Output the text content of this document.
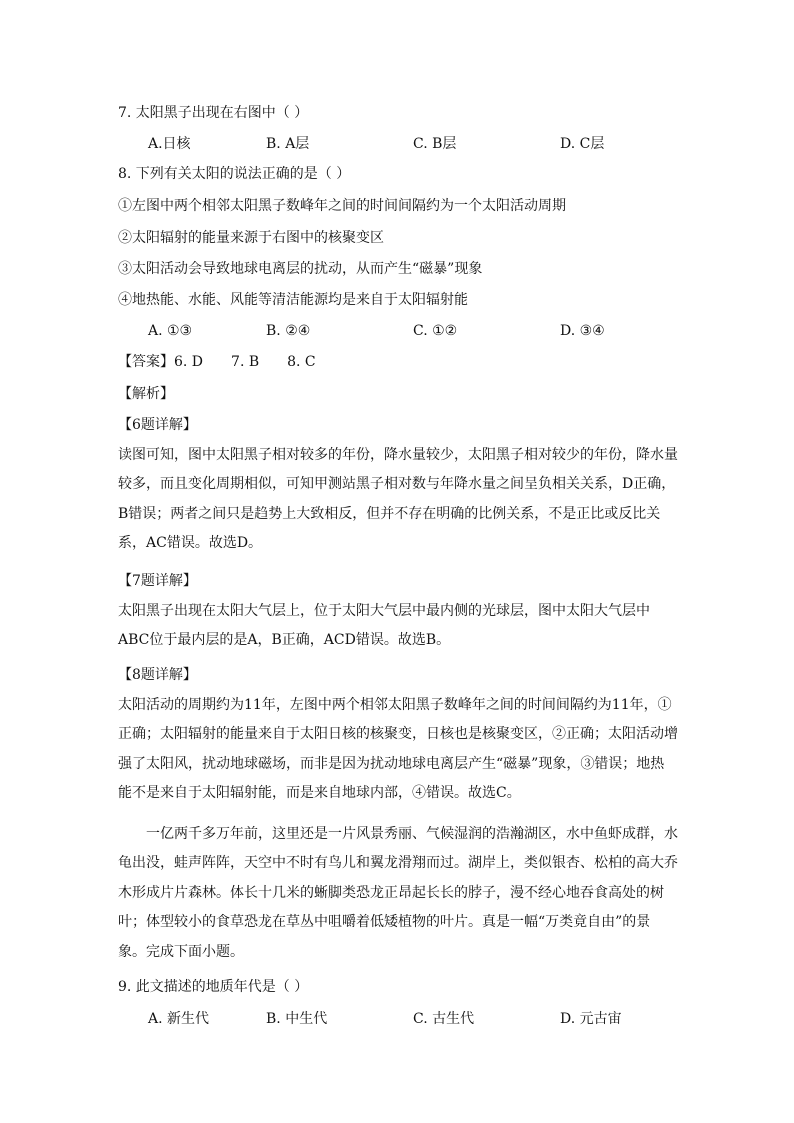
7. 太阳黑子出现在右图中（ ）
A.日核	B. A层	C. B层	D. C层
8. 下列有关太阳的说法正确的是（ ）
①左图中两个相邻太阳黑子数峰年之间的时间间隔约为一个太阳活动周期
②太阳辐射的能量来源于右图中的核聚变区
③太阳活动会导致地球电离层的扰动，从而产生“磁暴”现象
④地热能、水能、风能等清洁能源均是来自于太阳辐射能
A. ①③	B. ②④	C. ①②	D. ③④
【答案】6. D　　7. B　　8. C
【解析】
【6题详解】

读图可知，图中太阳黑子相对较多的年份，降水量较少，太阳黑子相对较少的年份，降水量较多，而且变化周期相似，可知甲测站黑子相对数与年降水量之间呈负相关关系，D正确，B错误；两者之间只是趋势上大致相反，但并不存在明确的比例关系，不是正比或反比关系，AC错误。故选D。

【7题详解】

太阳黑子出现在太阳大气层上，位于太阳大气层中最内侧的光球层，图中太阳大气层中ABC位于最内层的是A，B正确，ACD错误。故选B。

【8题详解】

太阳活动的周期约为11年，左图中两个相邻太阳黑子数峰年之间的时间间隔约为11年，①正确；太阳辐射的能量来自于太阳日核的核聚变，日核也是核聚变区，②正确；太阳活动增强了太阳风，扰动地球磁场，而非是因为扰动地球电离层产生“磁暴”现象，③错误；地热能不是来自于太阳辐射能，而是来自地球内部，④错误。故选C。

一亿两千多万年前，这里还是一片风景秀丽、气候湿润的浩瀚湖区，水中鱼虾成群，水龟出没，蛙声阵阵，天空中不时有鸟儿和翼龙滑翔而过。湖岸上，类似银杏、松柏的高大乔木形成片片森林。体长十几米的蜥脚类恐龙正昂起长长的脖子，漫不经心地吞食高处的树叶；体型较小的食草恐龙在草丛中咀嚼着低矮植物的叶片。真是一幅“万类竟自由”的景象。完成下面小题。

9. 此文描述的地质年代是（ ）
A. 新生代	B. 中生代	C. 古生代	D. 元古宙
